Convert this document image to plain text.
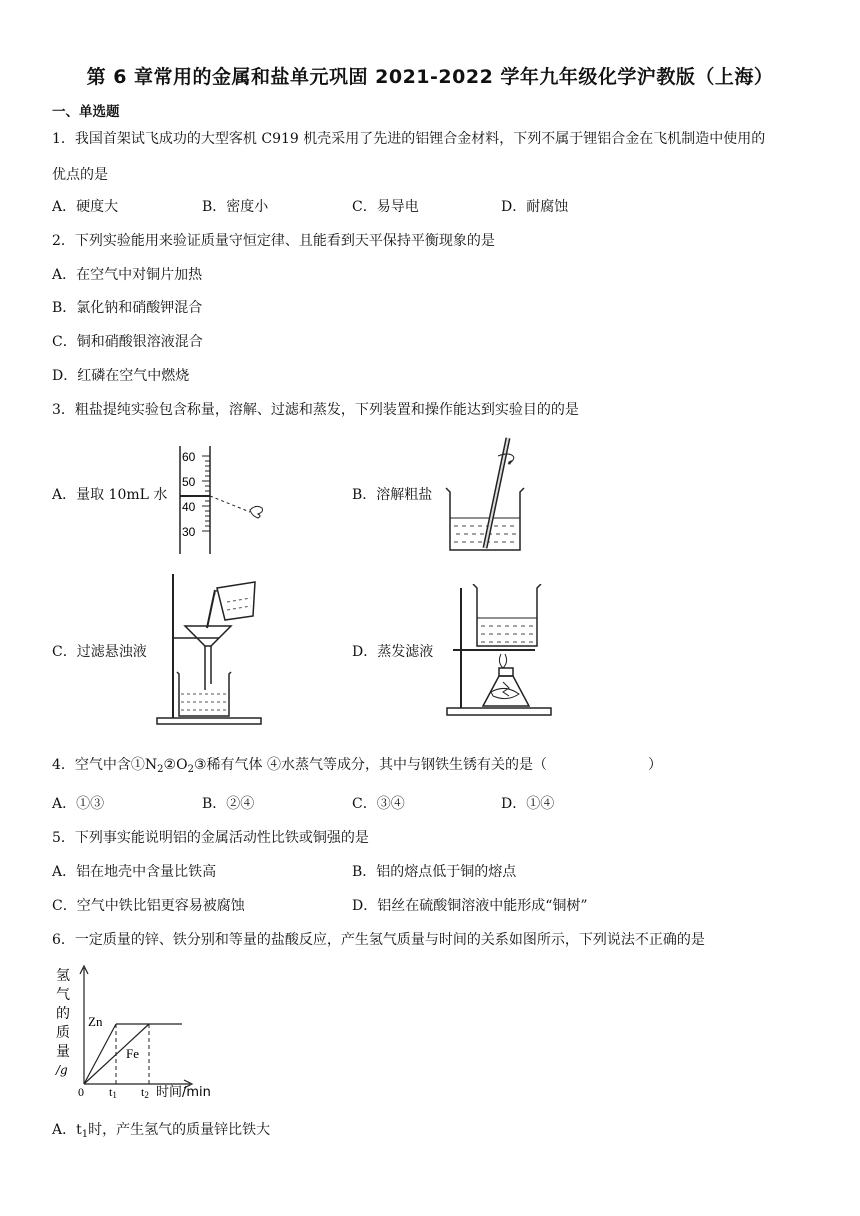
第 6 章常用的金属和盐单元巩固 2021-2022 学年九年级化学沪教版（上海）
一、单选题
1．我国首架试飞成功的大型客机 C919 机壳采用了先进的铝锂合金材料，下列不属于锂铝合金在飞机制造中使用的
优点的是
A．硬度大	B．密度小	C．易导电	D．耐腐蚀
2．下列实验能用来验证质量守恒定律、且能看到天平保持平衡现象的是
A．在空气中对铜片加热
B．氯化钠和硝酸钾混合
C．铜和硝酸银溶液混合
D．红磷在空气中燃烧
3．粗盐提纯实验包含称量，溶解、过滤和蒸发，下列装置和操作能达到实验目的的是
A．量取 10mL 水	B．溶解粗盐
C．过滤悬浊液	D．蒸发滤液
60
50
40
30
4．空气中含$①N_2②O_2③$稀有气体 ④水蒸气等成分，其中与钢铁生锈有关的是（	）
A．①③	B．②④	C．③④	D．①④
5．下列事实能说明铝的金属活动性比铁或铜强的是
A．铝在地壳中含量比铁高	B．铝的熔点低于铜的熔点
C．空气中铁比铝更容易被腐蚀	D．铝丝在硫酸铜溶液中能形成“铜树”
6．一定质量的锌、铁分别和等量的盐酸反应，产生氢气质量与时间的关系如图所示，下列说法不正确的是
氢
气
的
质
量
/g
Zn
Fe
0 t1 t2 时间/min
A．$t_1$时，产生氢气的质量锌比铁大
